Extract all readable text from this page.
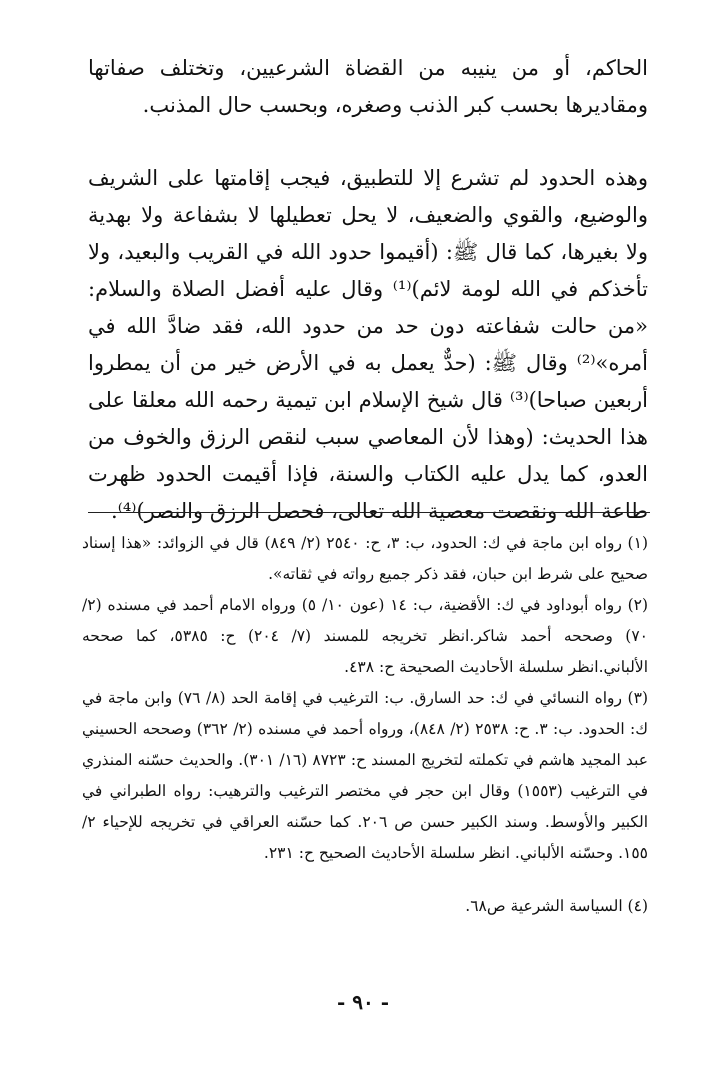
الحاكم، أو من ينيبه من القضاة الشرعيين، وتختلف صفاتها ومقاديرها بحسب كبر الذنب وصغره، وبحسب حال المذنب.

وهذه الحدود لم تشرع إلا للتطبيق، فيجب إقامتها على الشريف والوضيع، والقوي والضعيف، لا يحل تعطيلها لا بشفاعة ولا بهدية ولا بغيرها، كما قال ﷺ: (أقيموا حدود الله في القريب والبعيد، ولا تأخذكم في الله لومة لائم)⁽¹⁾ وقال عليه أفضل الصلاة والسلام: «من حالت شفاعته دون حد من حدود الله، فقد ضادَّ الله في أمره»⁽²⁾ وقال ﷺ: (حدٌّ يعمل به في الأرض خير من أن يمطروا أربعين صباحا)⁽³⁾ قال شيخ الإسلام ابن تيمية رحمه الله معلقا على هذا الحديث: (وهذا لأن المعاصي سبب لنقص الرزق والخوف من العدو، كما يدل عليه الكتاب والسنة، فإذا أقيمت الحدود ظهرت طاعة الله ونقصت معصية الله تعالى، فحصل الرزق والنصر)⁽⁴⁾.

(١) رواه ابن ماجة في ك: الحدود، ب: ٣، ح: ٢٥٤٠ (٢/ ٨٤٩) قال في الزوائد: «هذا إسناد صحيح على شرط ابن حبان، فقد ذكر جميع رواته في ثقاته».

(٢) رواه أبوداود في ك: الأقضية، ب: ١٤ (عون ١٠/ ٥) ورواه الامام أحمد في مسنده (٢/ ٧٠) وصححه أحمد شاكر.انظر تخريجه للمسند (٧/ ٢٠٤) ح: ٥٣٨٥، كما صححه الألباني.انظر سلسلة الأحاديث الصحيحة ح: ٤٣٨.

(٣) رواه النسائي في ك: حد السارق. ب: الترغيب في إقامة الحد (٨/ ٧٦) وابن ماجة في ك: الحدود. ب: ٣. ح: ٢٥٣٨ (٢/ ٨٤٨)، ورواه أحمد في مسنده (٢/ ٣٦٢) وصححه الحسيني عبد المجيد هاشم في تكملته لتخريج المسند ح: ٨٧٢٣ (١٦/ ٣٠١). والحديث حسّنه المنذري في الترغيب (١٥٥٣) وقال ابن حجر في مختصر الترغيب والترهيب: رواه الطبراني في الكبير والأوسط. وسند الكبير حسن ص ٢٠٦. كما حسّنه العراقي في تخريجه للإحياء ٢/ ١٥٥. وحسّنه الألباني. انظر سلسلة الأحاديث الصحيح ح: ٢٣١.

(٤) السياسة الشرعية ص٦٨.

- ٩٠ -
